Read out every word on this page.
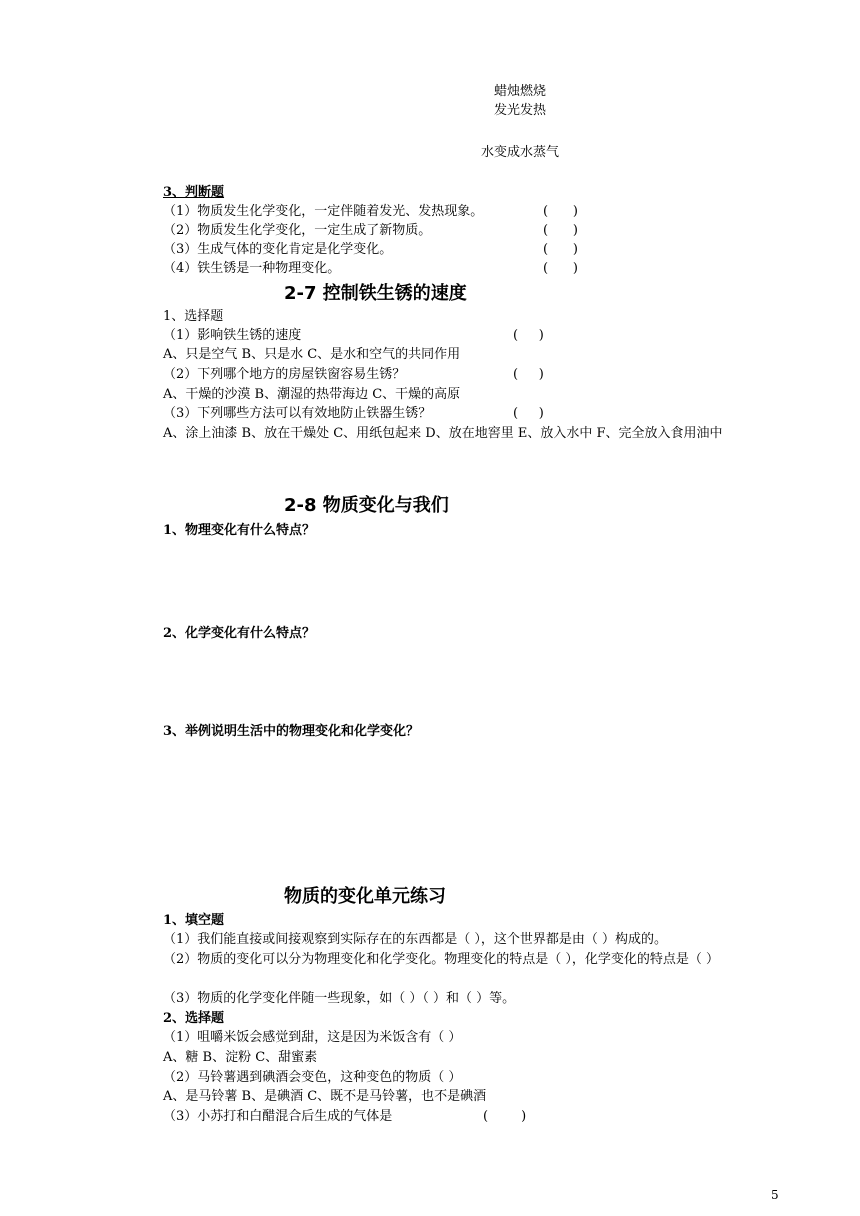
蜡烛燃烧
发光发热
水变成水蒸气
3、判断题
（1）物质发生化学变化，一定伴随着发光、发热现象。	(      )
（2）物质发生化学变化，一定生成了新物质。	(      )
（3）生成气体的变化肯定是化学变化。	(      )
（4）铁生锈是一种物理变化。	(      )
2-7 控制铁生锈的速度
1、选择题
（1）影响铁生锈的速度	(     )
A、只是空气 B、只是水 C、是水和空气的共同作用
（2）下列哪个地方的房屋铁窗容易生锈？	(     )
A、干燥的沙漠 B、潮湿的热带海边 C、干燥的高原
（3）下列哪些方法可以有效地防止铁器生锈？	(     )
A、涂上油漆 B、放在干燥处 C、用纸包起来 D、放在地窖里 E、放入水中 F、完全放入食用油中
2-8 物质变化与我们
1、物理变化有什么特点？
2、化学变化有什么特点？
3、举例说明生活中的物理变化和化学变化？
物质的变化单元练习
1、填空题
（1）我们能直接或间接观察到实际存在的东西都是（ ），这个世界都是由（ ）构成的。
（2）物质的变化可以分为物理变化和化学变化。物理变化的特点是（ ），化学变化的特点是（ ）
（3）物质的化学变化伴随一些现象，如（ ）（ ）和（ ）等。
2、选择题
（1）咀嚼米饭会感觉到甜，这是因为米饭含有（ ）
A、糖 B、淀粉 C、甜蜜素
（2）马铃薯遇到碘酒会变色，这种变色的物质（ ）
A、是马铃薯 B、是碘酒 C、既不是马铃薯，也不是碘酒
（3）小苏打和白醋混合后生成的气体是	(        )
5
